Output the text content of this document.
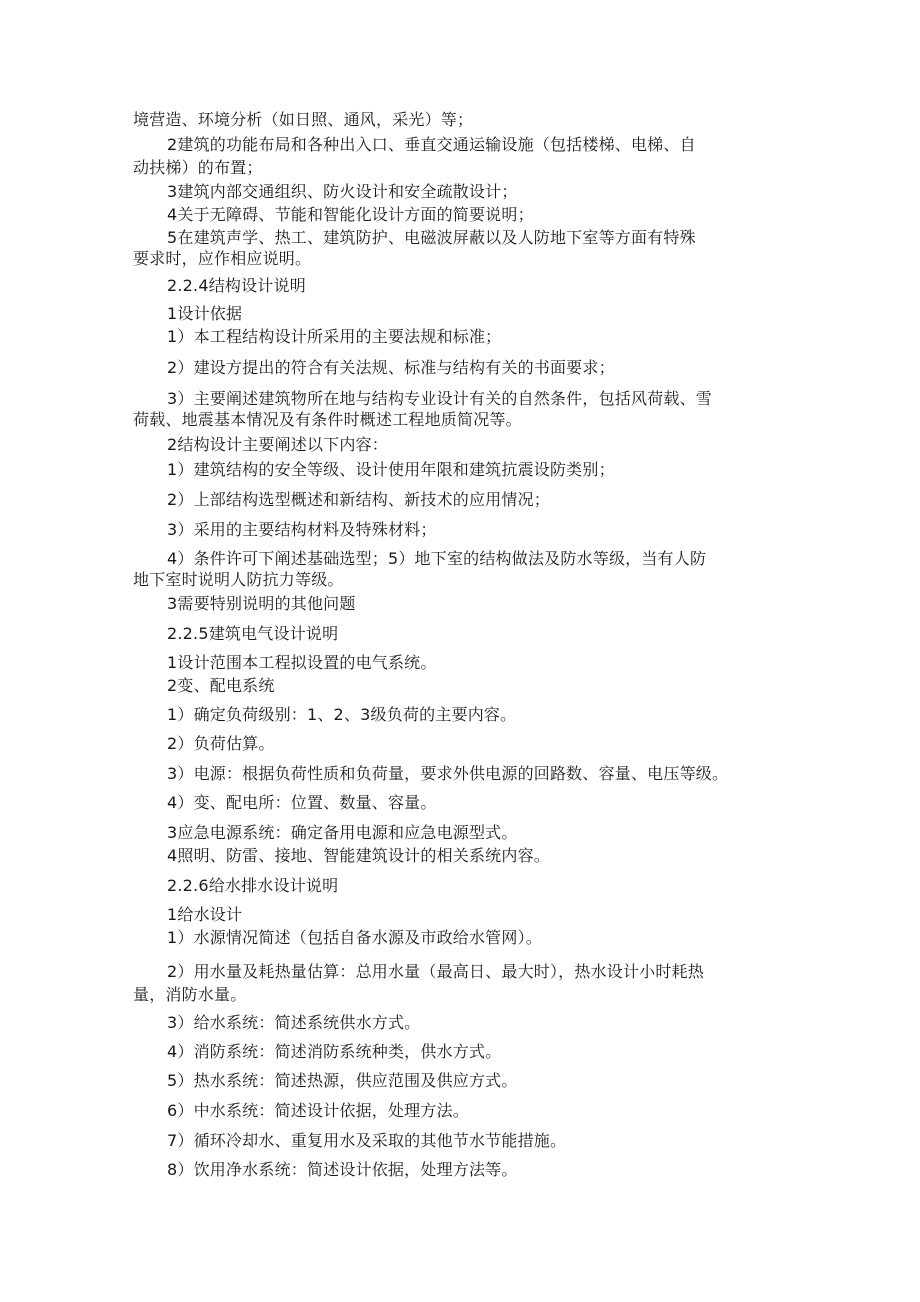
境营造、环境分析（如日照、通风，采光）等；
2建筑的功能布局和各种出入口、垂直交通运输设施（包括楼梯、电梯、自
动扶梯）的布置；
3建筑内部交通组织、防火设计和安全疏散设计；
4关于无障碍、节能和智能化设计方面的简要说明；
5在建筑声学、热工、建筑防护、电磁波屏蔽以及人防地下室等方面有特殊
要求时，应作相应说明。
2.2.4结构设计说明
1设计依据
1）本工程结构设计所采用的主要法规和标准；
2）建设方提出的符合有关法规、标准与结构有关的书面要求；
3）主要阐述建筑物所在地与结构专业设计有关的自然条件，包括风荷载、雪
荷载、地震基本情况及有条件时概述工程地质简况等。
2结构设计主要阐述以下内容：
1）建筑结构的安全等级、设计使用年限和建筑抗震设防类别；
2）上部结构选型概述和新结构、新技术的应用情况；
3）采用的主要结构材料及特殊材料；
4）条件许可下阐述基础选型；5）地下室的结构做法及防水等级，当有人防
地下室时说明人防抗力等级。
3需要特别说明的其他问题
2.2.5建筑电气设计说明
1设计范围本工程拟设置的电气系统。
2变、配电系统
1）确定负荷级别：1、2、3级负荷的主要内容。
2）负荷估算。
3）电源：根据负荷性质和负荷量，要求外供电源的回路数、容量、电压等级。
4）变、配电所：位置、数量、容量。
3应急电源系统：确定备用电源和应急电源型式。
4照明、防雷、接地、智能建筑设计的相关系统内容。
2.2.6给水排水设计说明
1给水设计
1）水源情况简述（包括自备水源及市政给水管网）。
2）用水量及耗热量估算：总用水量（最高日、最大时），热水设计小时耗热
量，消防水量。
3）给水系统：简述系统供水方式。
4）消防系统：简述消防系统种类，供水方式。
5）热水系统：简述热源，供应范围及供应方式。
6）中水系统：简述设计依据，处理方法。
7）循环冷却水、重复用水及采取的其他节水节能措施。
8）饮用净水系统：简述设计依据，处理方法等。
